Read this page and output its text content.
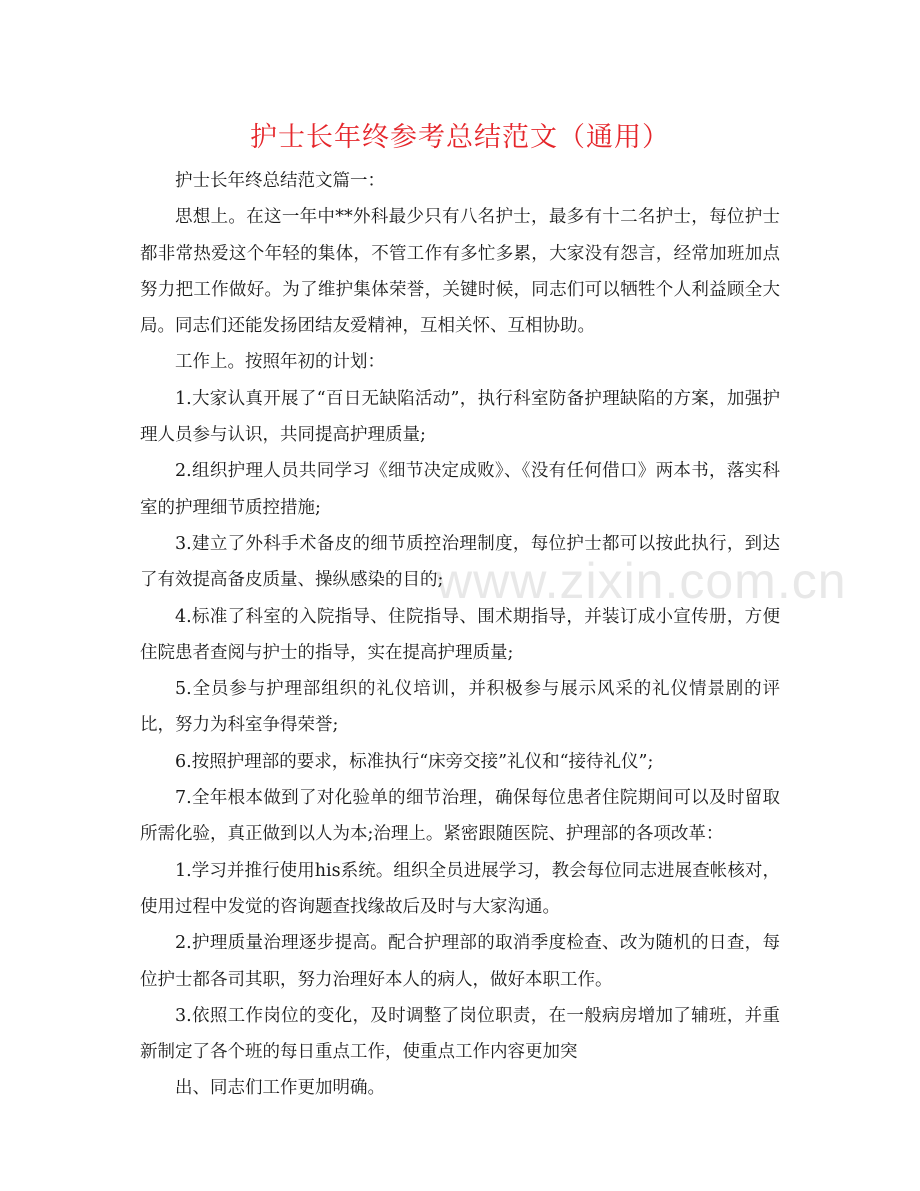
护士长年终参考总结范文（通用）
www.zixin.com.cn

护士长年终总结范文篇一：

思想上。在这一年中**外科最少只有八名护士，最多有十二名护士，每位护士都非常热爱这个年轻的集体，不管工作有多忙多累，大家没有怨言，经常加班加点努力把工作做好。为了维护集体荣誉，关键时候，同志们可以牺牲个人利益顾全大局。同志们还能发扬团结友爱精神，互相关怀、互相协助。

工作上。按照年初的计划：

1.大家认真开展了“百日无缺陷活动”，执行科室防备护理缺陷的方案，加强护理人员参与认识，共同提高护理质量;

2.组织护理人员共同学习《细节决定成败》、《没有任何借口》两本书，落实科室的护理细节质控措施;

3.建立了外科手术备皮的细节质控治理制度，每位护士都可以按此执行，到达了有效提高备皮质量、操纵感染的目的;

4.标准了科室的入院指导、住院指导、围术期指导，并装订成小宣传册，方便住院患者查阅与护士的指导，实在提高护理质量;

5.全员参与护理部组织的礼仪培训，并积极参与展示风采的礼仪情景剧的评比，努力为科室争得荣誉;

6.按照护理部的要求，标准执行“床旁交接”礼仪和“接待礼仪”;

7.全年根本做到了对化验单的细节治理，确保每位患者住院期间可以及时留取所需化验，真正做到以人为本;治理上。紧密跟随医院、护理部的各项改革：

1.学习并推行使用his系统。组织全员进展学习，教会每位同志进展查帐核对，使用过程中发觉的咨询题查找缘故后及时与大家沟通。

2.护理质量治理逐步提高。配合护理部的取消季度检查、改为随机的日查，每位护士都各司其职，努力治理好本人的病人，做好本职工作。

3.依照工作岗位的变化，及时调整了岗位职责，在一般病房增加了辅班，并重新制定了各个班的每日重点工作，使重点工作内容更加突

出、同志们工作更加明确。
